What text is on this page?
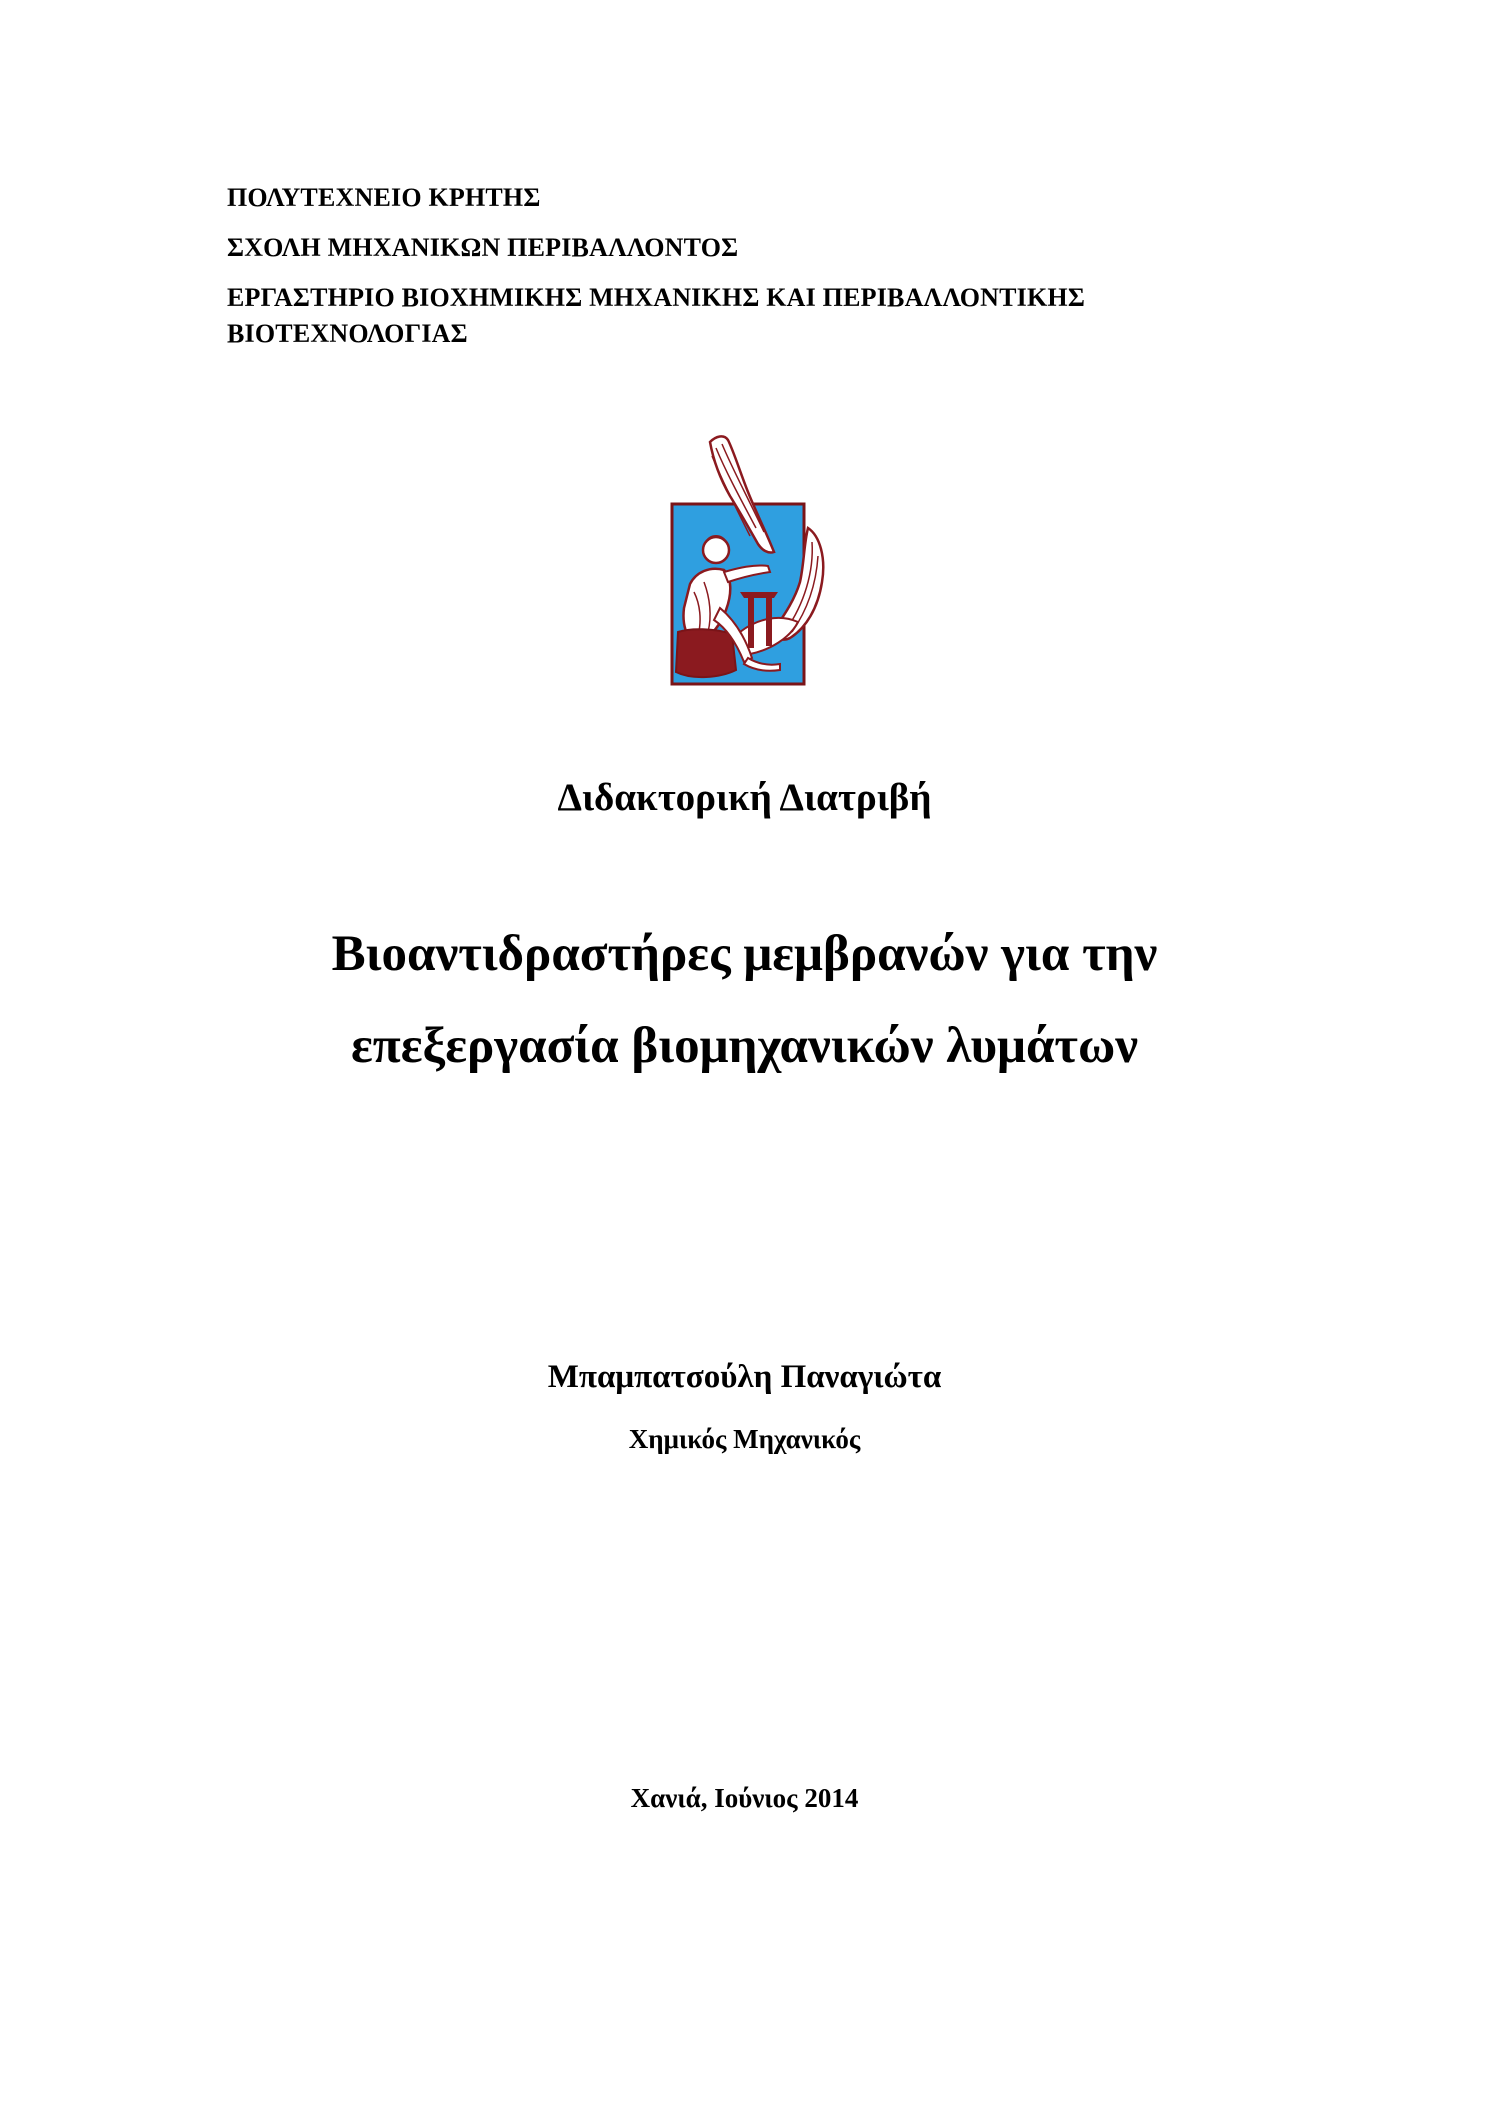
ΠΟΛΥΤΕΧΝΕΙΟ ΚΡΗΤΗΣ
ΣΧΟΛΗ ΜΗΧΑΝΙΚΩΝ ΠΕΡΙΒΑΛΛΟΝΤΟΣ
ΕΡΓΑΣΤΗΡΙΟ ΒΙΟΧΗΜΙΚΗΣ ΜΗΧΑΝΙΚΗΣ ΚΑΙ ΠΕΡΙΒΑΛΛΟΝΤΙΚΗΣ
ΒΙΟΤΕΧΝΟΛΟΓΙΑΣ
Διδακτορική Διατριβή
Βιοαντιδραστήρες μεμβρανών για την
επεξεργασία βιομηχανικών λυμάτων
Μπαμπατσούλη Παναγιώτα
Χημικός Μηχανικός
Χανιά, Ιούνιος 2014
